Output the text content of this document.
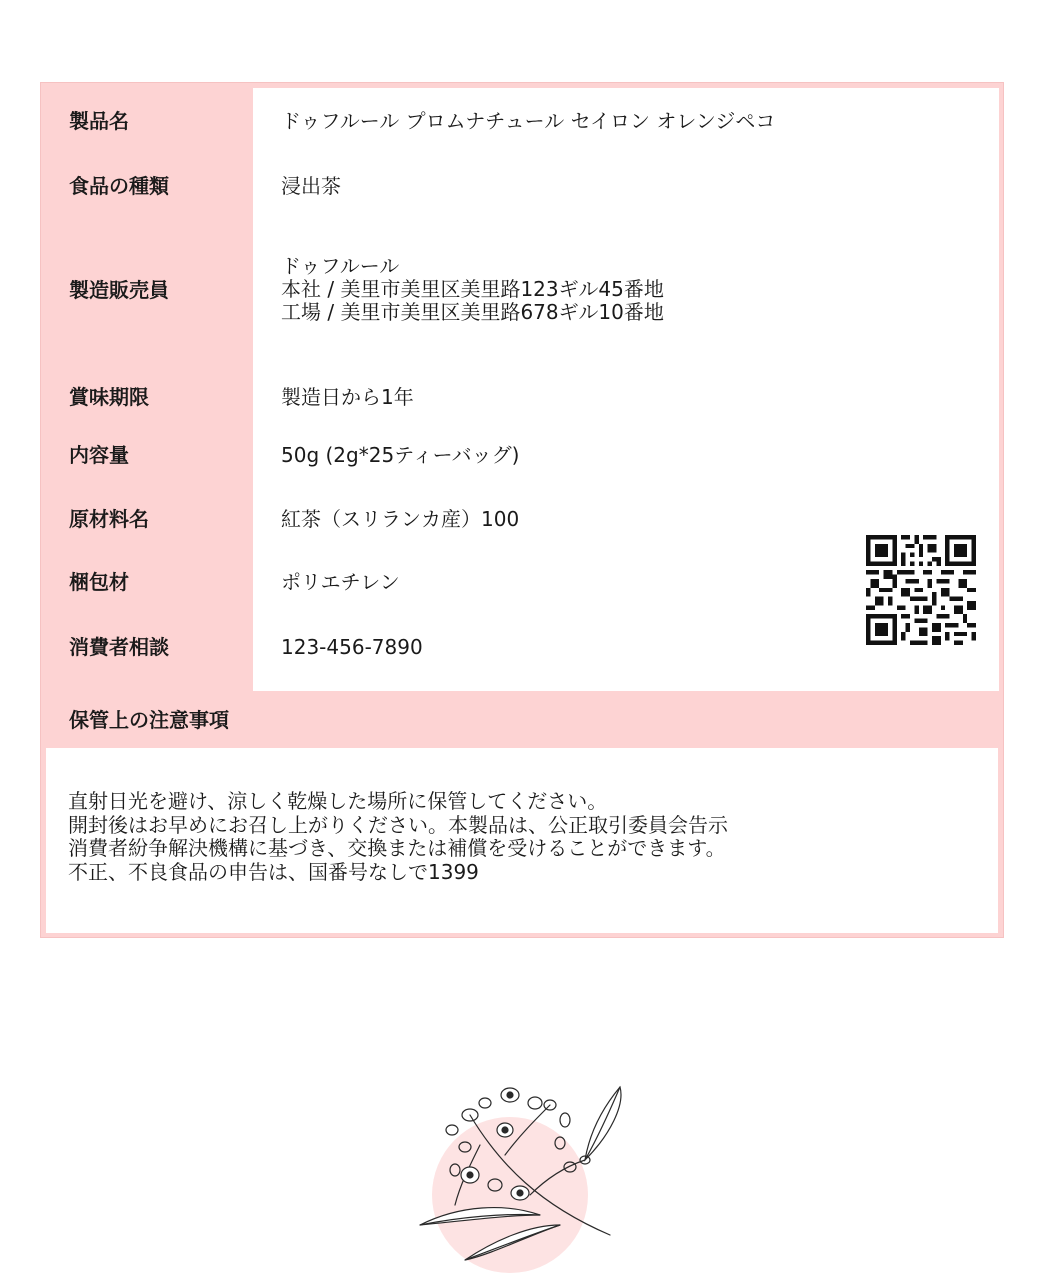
製品名
食品の種類
製造販売員
賞味期限
内容量
原材料名
梱包材
消費者相談
ドゥフルール プロムナチュール セイロン オレンジペコ
浸出茶
ドゥフルール
本社 / 美里市美里区美里路123ギル45番地
工場 / 美里市美里区美里路678ギル10番地
製造日から1年
50g (2g*25ティーバッグ)
紅茶（スリランカ産）100
ポリエチレン
123-456-7890
保管上の注意事項
直射日光を避け、涼しく乾燥した場所に保管してください。
開封後はお早めにお召し上がりください。本製品は、公正取引委員会告示
消費者紛争解決機構に基づき、交換または補償を受けることができます。
不正、不良食品の申告は、国番号なしで1399
